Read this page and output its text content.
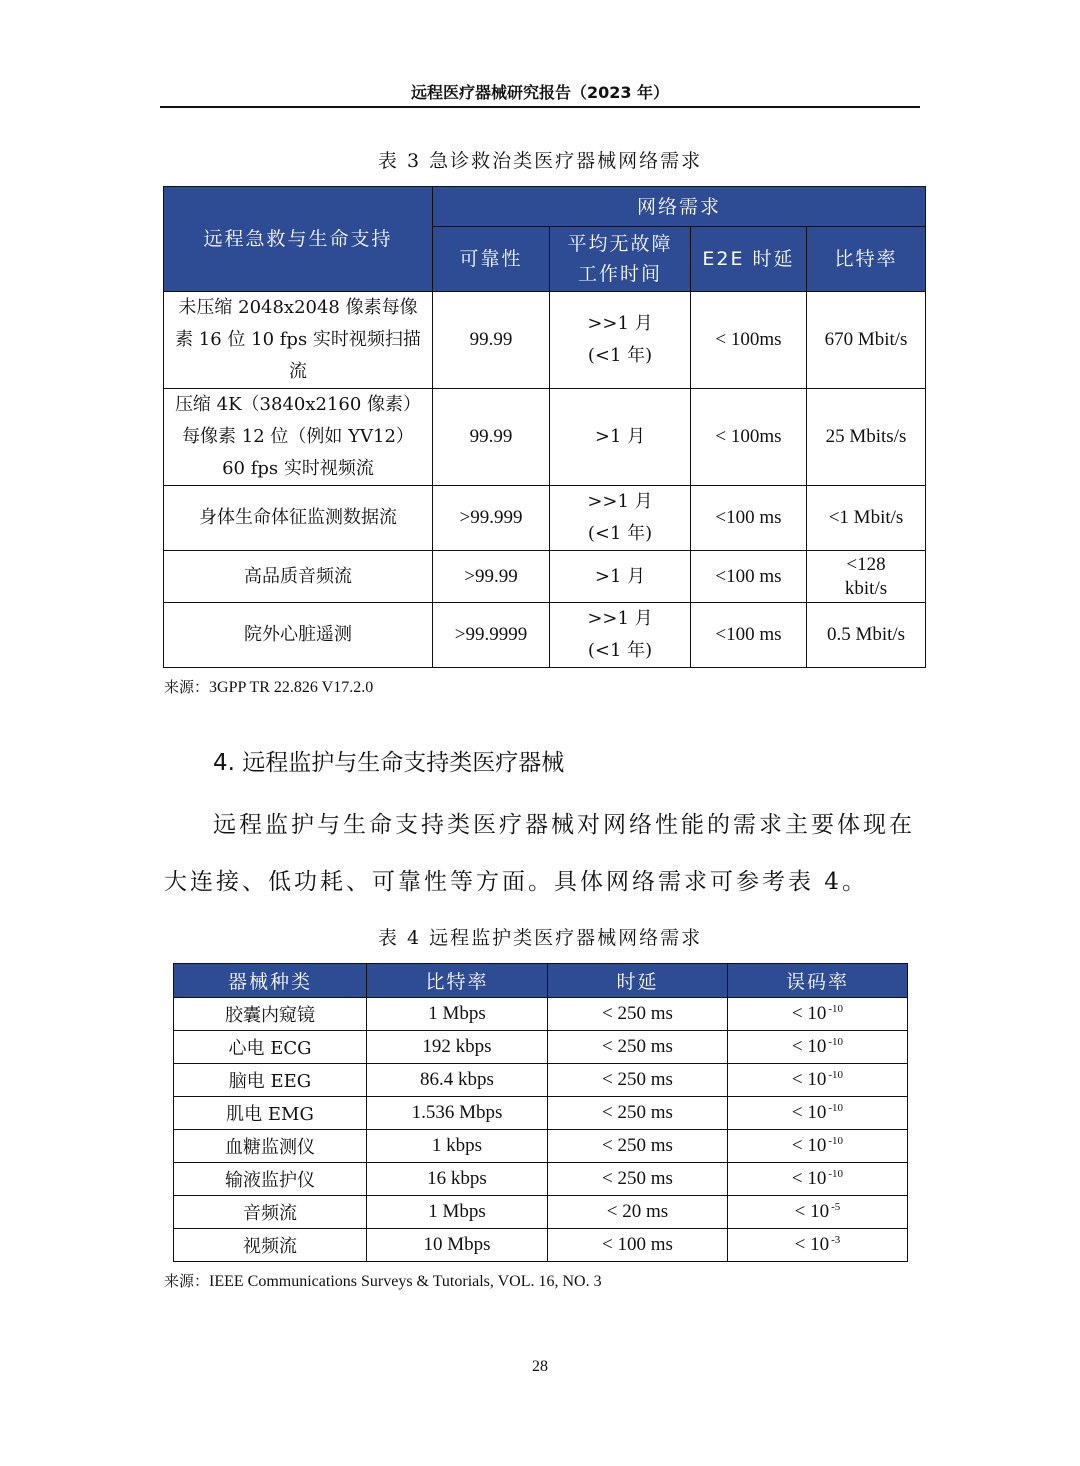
远程医疗器械研究报告（2023 年）
表 3 急诊救治类医疗器械网络需求
远程急救与生命支持	网络需求			
	可靠性	平均无故障工作时间	E2E 时延	比特率
未压缩 2048x2048 像素每像素 16 位 10 fps 实时视频扫描流	99.99	>>1 月 (<1 年)	< 100ms	670 Mbit/s
压缩 4K（3840x2160 像素）每像素 12 位（例如 YV12）60 fps 实时视频流	99.99	>1 月	< 100ms	25 Mbits/s
身体生命体征监测数据流	>99.999	>>1 月 (<1 年)	<100 ms	<1 Mbit/s
高品质音频流	>99.99	>1 月	<100 ms	<128 kbit/s
院外心脏遥测	>99.9999	>>1 月 (<1 年)	<100 ms	0.5 Mbit/s
来源：3GPP TR 22.826 V17.2.0
4. 远程监护与生命支持类医疗器械
远程监护与生命支持类医疗器械对网络性能的需求主要体现在
大连接、低功耗、可靠性等方面。具体网络需求可参考表 4。
表 4 远程监护类医疗器械网络需求
器械种类	比特率	时延	误码率
胶囊内窥镜	1 Mbps	< 250 ms	< 10 $^{-10}$
心电 ECG	192 kbps	< 250 ms	< 10 $^{-10}$
脑电 EEG	86.4 kbps	< 250 ms	< 10 $^{-10}$
肌电 EMG	1.536 Mbps	< 250 ms	< 10 $^{-10}$
血糖监测仪	1 kbps	< 250 ms	< 10 $^{-10}$
输液监护仪	16 kbps	< 250 ms	< 10 $^{-10}$
音频流	1 Mbps	< 20 ms	< 10 $^{-5}$
视频流	10 Mbps	< 100 ms	< 10 $^{-3}$
来源：IEEE Communications Surveys & Tutorials, VOL. 16, NO. 3
28
